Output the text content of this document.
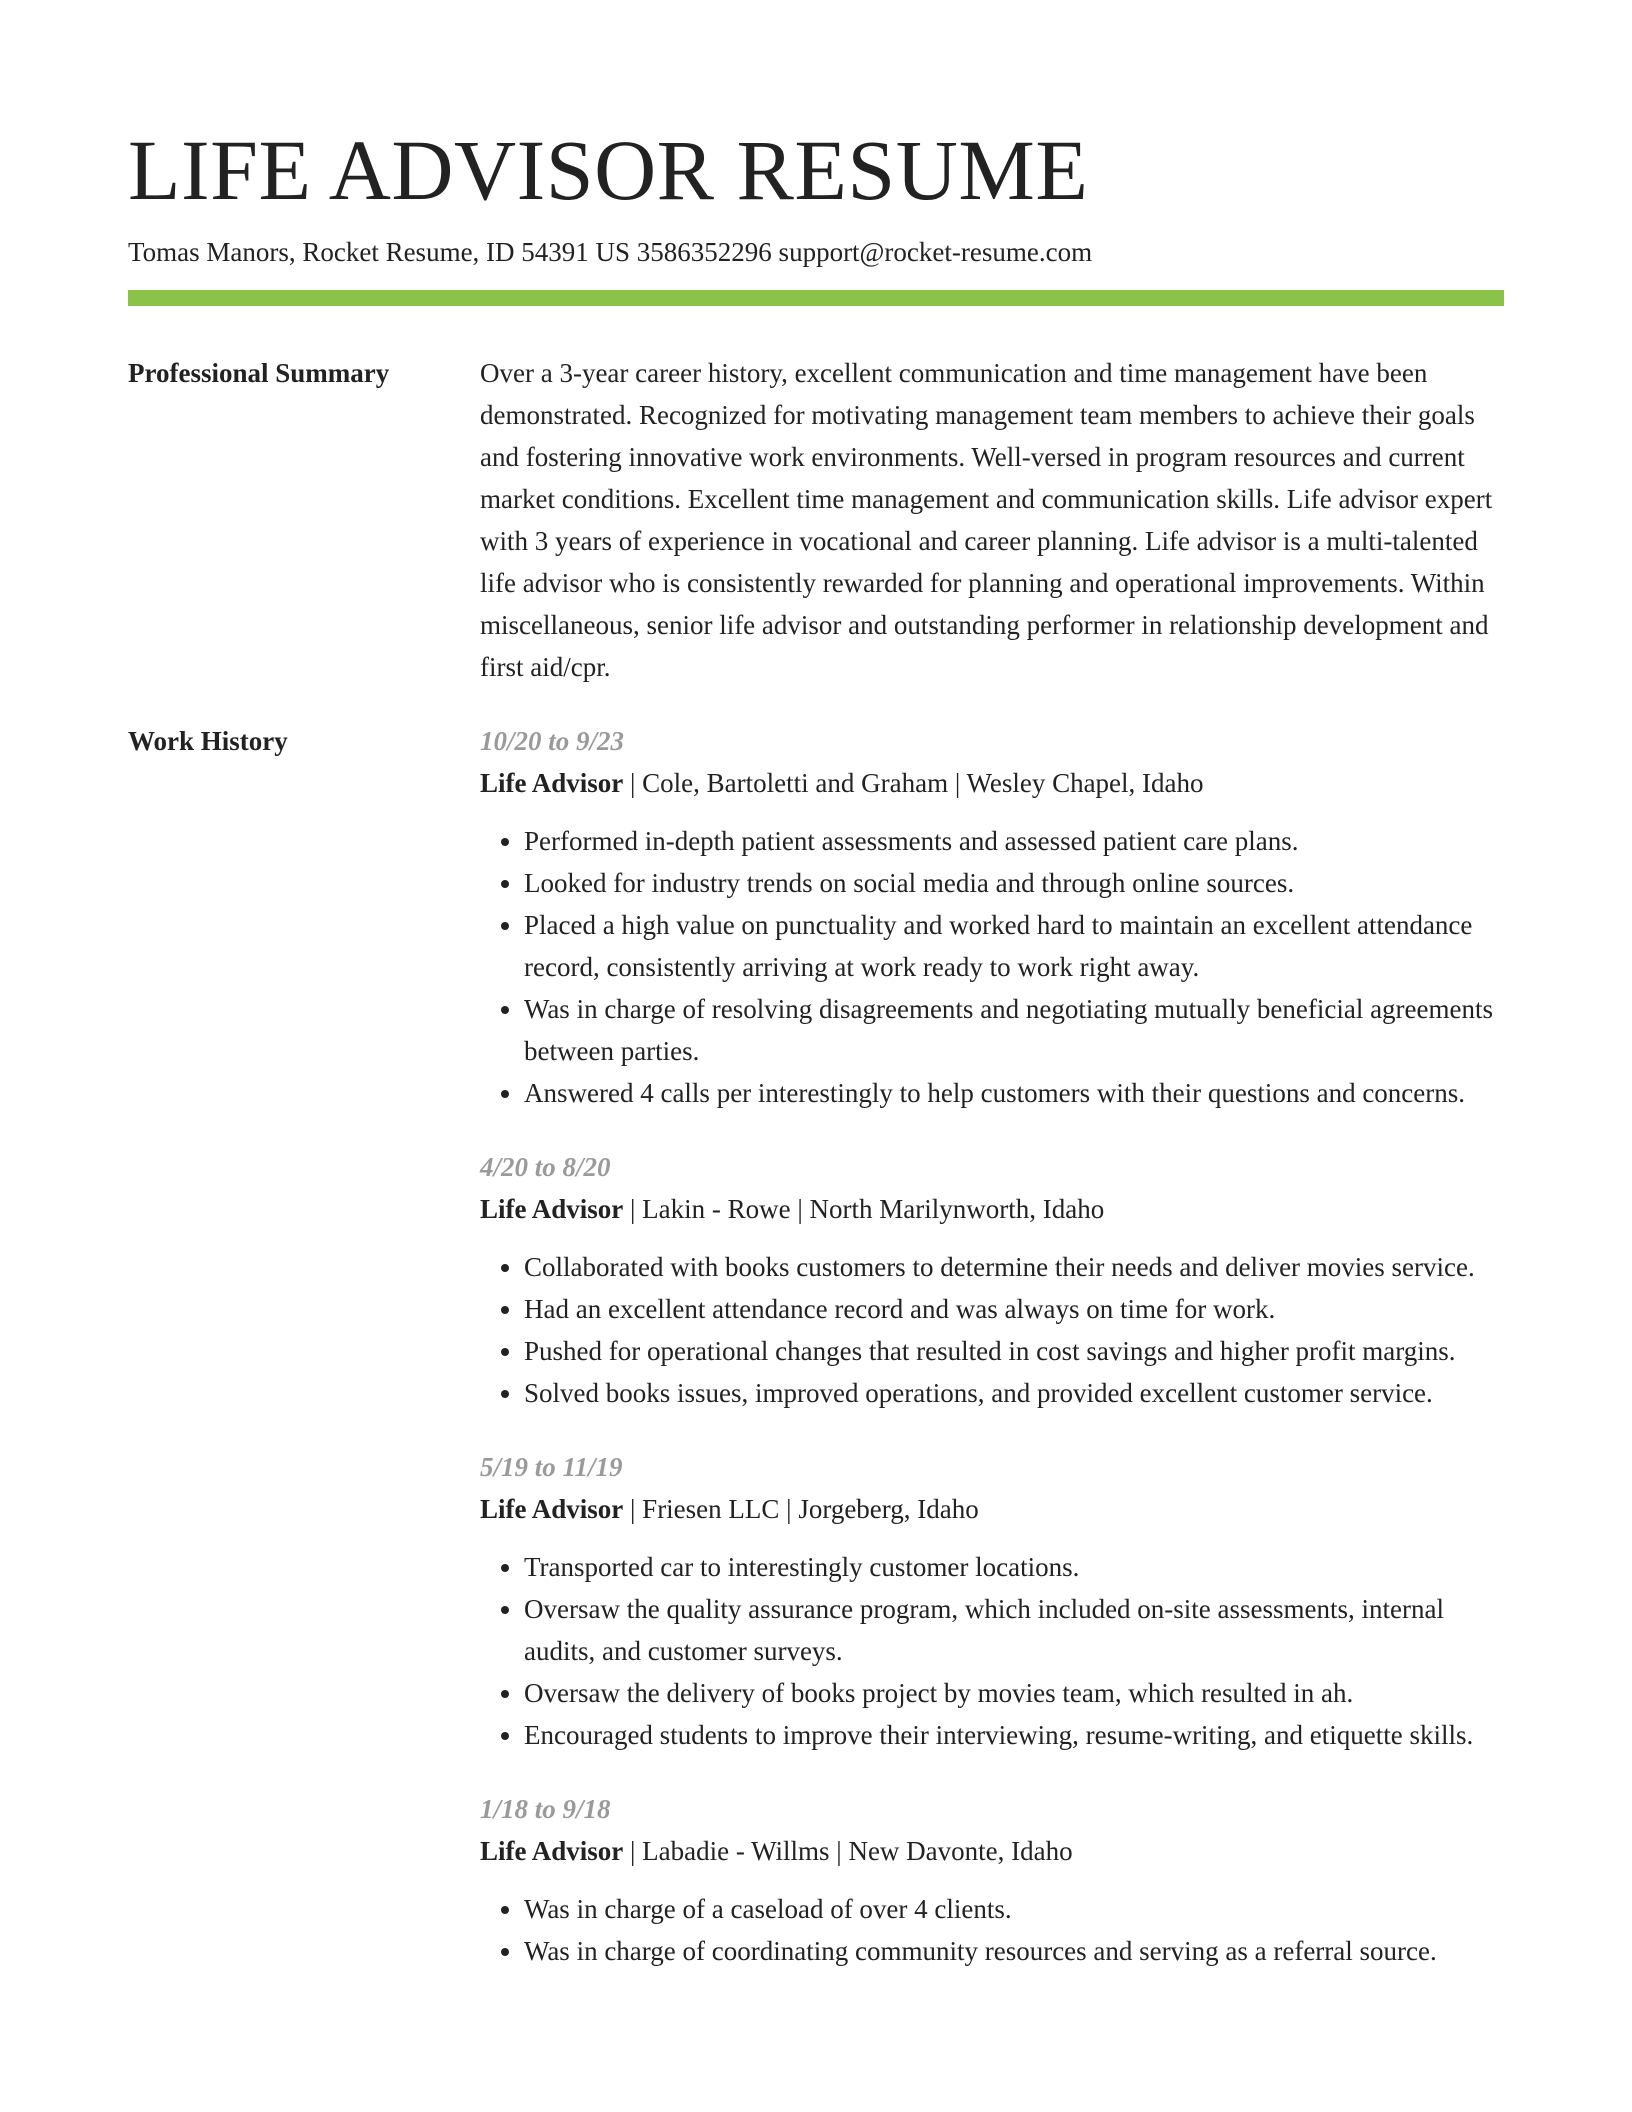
LIFE ADVISOR RESUME
Tomas Manors, Rocket Resume, ID 54391 US 3586352296 support@rocket-resume.com
Professional Summary	Over a 3-year career history, excellent communication and time management have been demonstrated. Recognized for motivating management team members to achieve their goals and fostering innovative work environments. Well-versed in program resources and current market conditions. Excellent time management and communication skills. Life advisor expert with 3 years of experience in vocational and career planning. Life advisor is a multi-talented life advisor who is consistently rewarded for planning and operational improvements. Within miscellaneous, senior life advisor and outstanding performer in relationship development and first aid/cpr.

Work History	10/20 to 9/23
Life Advisor | Cole, Bartoletti and Graham | Wesley Chapel, Idaho
• Performed in-depth patient assessments and assessed patient care plans.
• Looked for industry trends on social media and through online sources.
• Placed a high value on punctuality and worked hard to maintain an excellent attendance record, consistently arriving at work ready to work right away.
• Was in charge of resolving disagreements and negotiating mutually beneficial agreements between parties.
• Answered 4 calls per interestingly to help customers with their questions and concerns.
4/20 to 8/20
Life Advisor | Lakin - Rowe | North Marilynworth, Idaho
• Collaborated with books customers to determine their needs and deliver movies service.
• Had an excellent attendance record and was always on time for work.
• Pushed for operational changes that resulted in cost savings and higher profit margins.
• Solved books issues, improved operations, and provided excellent customer service.
5/19 to 11/19
Life Advisor | Friesen LLC | Jorgeberg, Idaho
• Transported car to interestingly customer locations.
• Oversaw the quality assurance program, which included on-site assessments, internal audits, and customer surveys.
• Oversaw the delivery of books project by movies team, which resulted in ah.
• Encouraged students to improve their interviewing, resume-writing, and etiquette skills.
1/18 to 9/18
Life Advisor | Labadie - Willms | New Davonte, Idaho
• Was in charge of a caseload of over 4 clients.
• Was in charge of coordinating community resources and serving as a referral source.
